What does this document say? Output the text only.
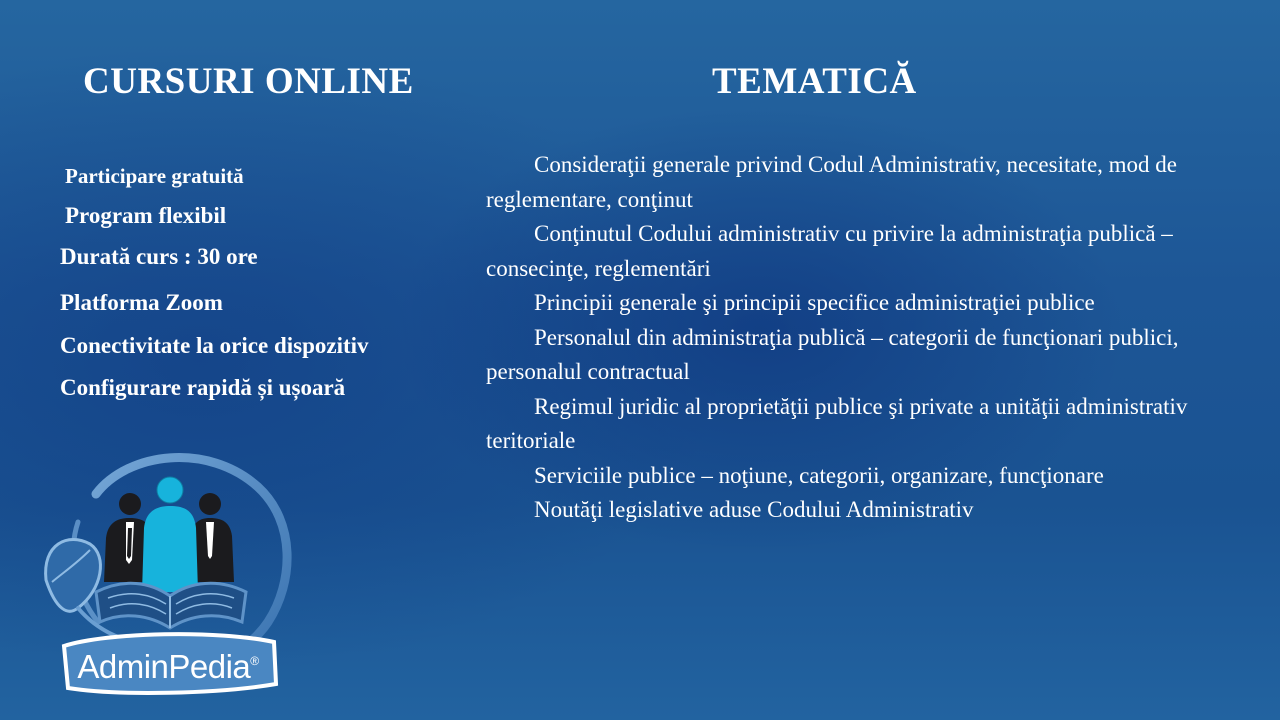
CURSURI ONLINE	TEMATICĂ

Participare gratuită

Program flexibil

Durată curs : 30 ore

Platforma Zoom

Conectivitate la orice dispozitiv

Configurare rapidă și ușoară

Consideraţii generale privind Codul Administrativ, necesitate, mod de reglementare, conţinut
Conţinutul Codului administrativ cu privire la administraţia publică – consecinţe, reglementări
Principii generale şi principii specifice administraţiei publice
Personalul din administraţia publică – categorii de funcţionari publici, personalul contractual
Regimul juridic al proprietăţii publice şi private a unităţii administrativ teritoriale
Serviciile publice – noţiune, categorii, organizare, funcţionare
Noutăţi legislative aduse Codului Administrativ
AdminPedia®
